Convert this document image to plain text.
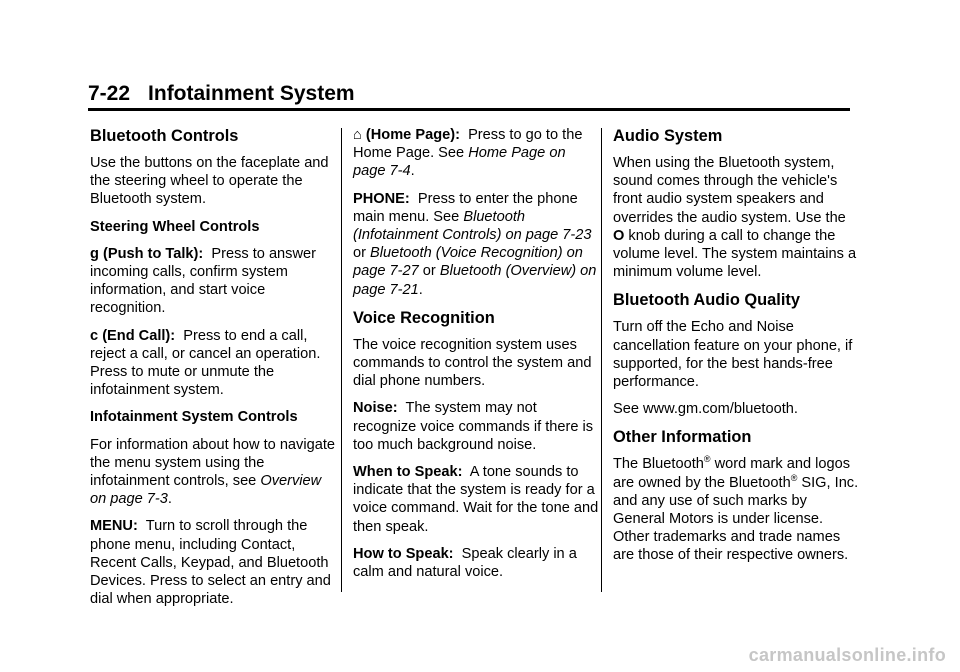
7-22 Infotainment System
Bluetooth Controls

Use the buttons on the faceplate and the steering wheel to operate the Bluetooth system.

Steering Wheel Controls

g (Push to Talk): Press to answer incoming calls, confirm system information, and start voice recognition.

c (End Call): Press to end a call, reject a call, or cancel an operation. Press to mute or unmute the infotainment system.

Infotainment System Controls

For information about how to navigate the menu system using the infotainment controls, see Overview on page 7-3.

MENU: Turn to scroll through the phone menu, including Contact, Recent Calls, Keypad, and Bluetooth Devices. Press to select an entry and dial when appropriate.

⌂ (Home Page): Press to go to the Home Page. See Home Page on page 7-4.

PHONE: Press to enter the phone main menu. See Bluetooth (Infotainment Controls) on page 7-23 or Bluetooth (Voice Recognition) on page 7-27 or Bluetooth (Overview) on page 7-21.

Voice Recognition

The voice recognition system uses commands to control the system and dial phone numbers.

Noise: The system may not recognize voice commands if there is too much background noise.

When to Speak: A tone sounds to indicate that the system is ready for a voice command. Wait for the tone and then speak.

How to Speak: Speak clearly in a calm and natural voice.

Audio System

When using the Bluetooth system, sound comes through the vehicle's front audio system speakers and overrides the audio system. Use the O knob during a call to change the volume level. The system maintains a minimum volume level.

Bluetooth Audio Quality

Turn off the Echo and Noise cancellation feature on your phone, if supported, for the best hands-free performance.

See www.gm.com/bluetooth.

Other Information

The Bluetooth® word mark and logos are owned by the Bluetooth® SIG, Inc. and any use of such marks by General Motors is under license. Other trademarks and trade names are those of their respective owners.

carmanualsonline.info
